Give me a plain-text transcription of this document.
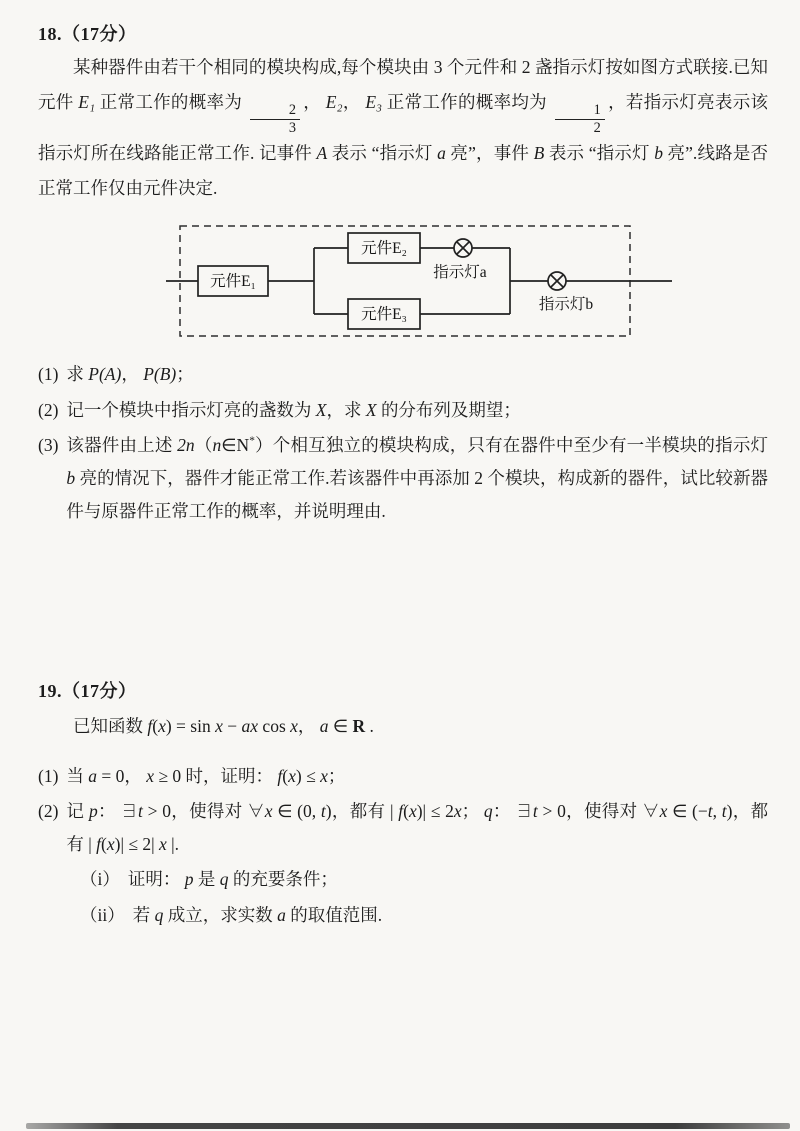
18.（17分）

某种器件由若干个相同的模块构成,每个模块由 3 个元件和 2 盏指示灯按如图方式联接.已知元件 E₁ 正常工作的概率为
$\frac{2}{3}$
， E₂， E₃ 正常工作的概率均为
$\frac{1}{2}$
，若指示灯亮表示该指示灯所在线路能正常工作. 记事件 A 表示 “指示灯 a 亮”，事件 B 表示 “指示灯 b 亮”.线路是否正常工作仅由元件决定.

元件E₁
元件E₂
元件E₃
指示灯a
指示灯b
(1) 求 P(A)， P(B)；
(2) 记一个模块中指示灯亮的盏数为 X，求 X 的分布列及期望；
(3) 该器件由上述 2n（n∈N*）个相互独立的模块构成，只有在器件中至少有一半模块的指示灯 b 亮的情况下，器件才能正常工作.若该器件中再添加 2 个模块，构成新的器件，试比较新器件与原器件正常工作的概率，并说明理由.
19.（17分）

已知函数 f(x) = sin x − ax cos x， a ∈ R .

(1) 当 a = 0， x ≥ 0 时，证明： f(x) ≤ x；
(2) 记 p： ∃t > 0，使得对 ∀x ∈ (0, t)，都有 | f(x)| ≤ 2x； q： ∃t > 0，使得对 ∀x ∈ (−t, t)，都有 | f(x)| ≤ 2| x |.
（i） 证明： p 是 q 的充要条件；
（ii） 若 q 成立，求实数 a 的取值范围.
